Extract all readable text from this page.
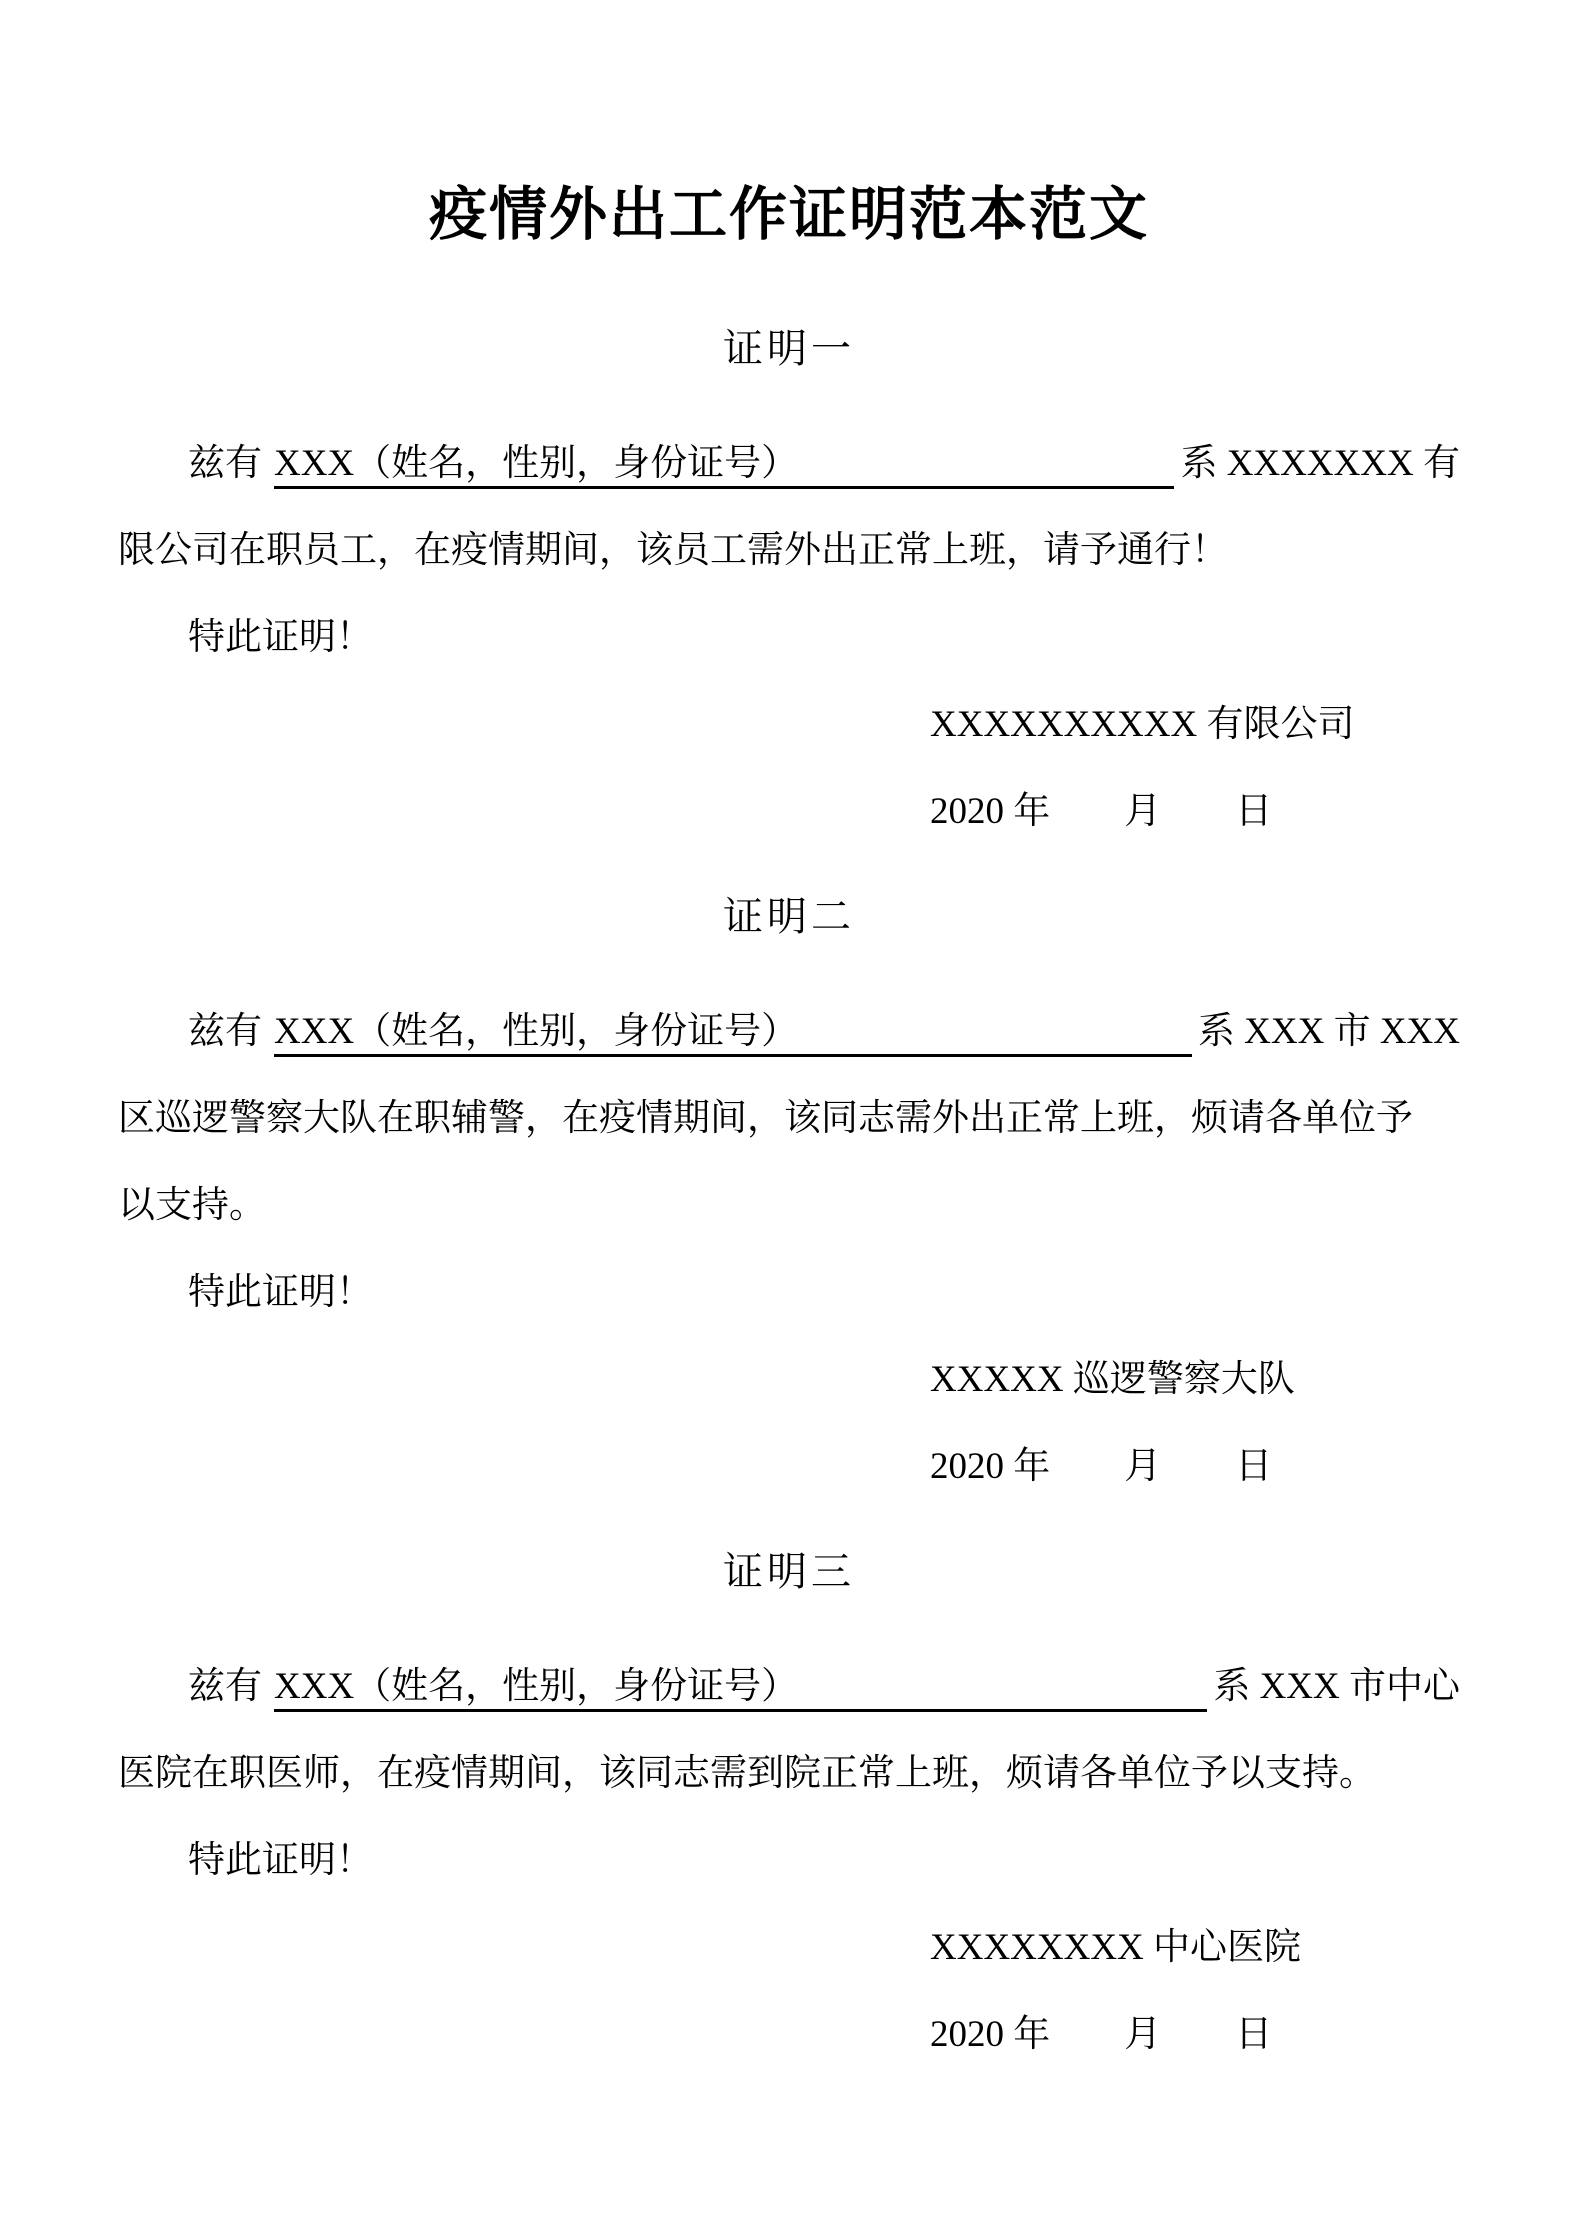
疫情外出工作证明范本范文
证明一
兹有 XXX（姓名，性别，身份证号）	系 XXXXXXX 有
限公司在职员工，在疫情期间，该员工需外出正常上班，请予通行！
特此证明！
XXXXXXXXXX 有限公司
2020 年　　月　　日
证明二
兹有 XXX（姓名，性别，身份证号）	系 XXX 市 XXX
区巡逻警察大队在职辅警，在疫情期间，该同志需外出正常上班，烦请各单位予
以支持。
特此证明！
XXXXX 巡逻警察大队
2020 年　　月　　日
证明三
兹有 XXX（姓名，性别，身份证号）	系 XXX 市中心
医院在职医师，在疫情期间，该同志需到院正常上班，烦请各单位予以支持。
特此证明！
XXXXXXXX 中心医院
2020 年　　月　　日
